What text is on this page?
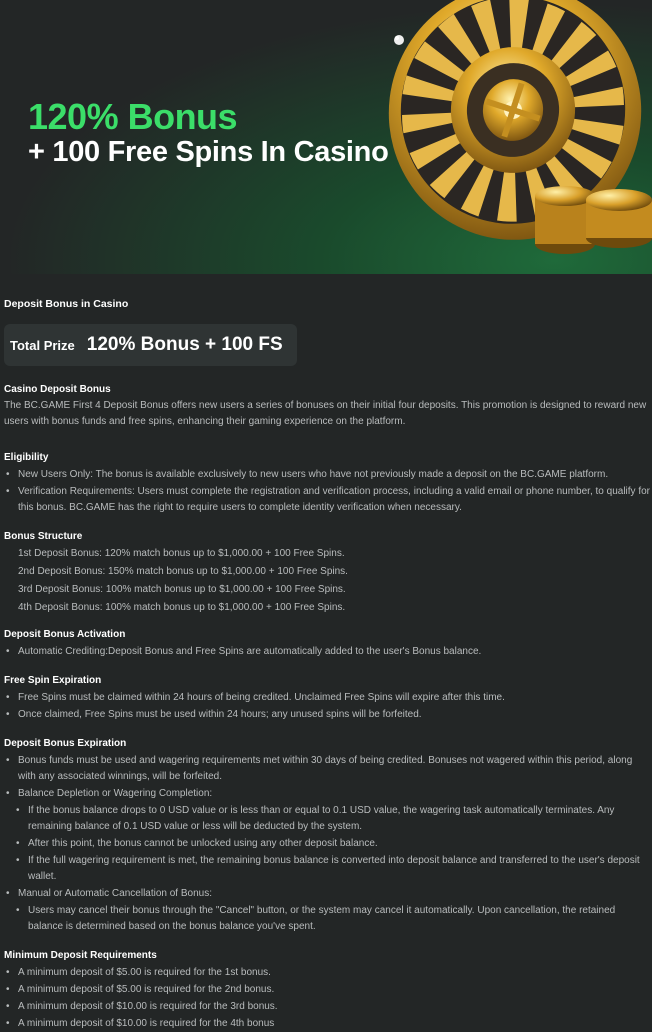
120% Bonus
+ 100 Free Spins In Casino
Deposit Bonus in Casino
Total Prize 120% Bonus + 100 FS
Casino Deposit Bonus

The BC.GAME First 4 Deposit Bonus offers new users a series of bonuses on their initial four deposits. This promotion is designed to reward new users with bonus funds and free spins, enhancing their gaming experience on the platform.

Eligibility
• New Users Only: The bonus is available exclusively to new users who have not previously made a deposit on the BC.GAME platform.
• Verification Requirements: Users must complete the registration and verification process, including a valid email or phone number, to qualify for this bonus. BC.GAME has the right to require users to complete identity verification when necessary.
Bonus Structure
1st Deposit Bonus: 120% match bonus up to $1,000.00 + 100 Free Spins.
2nd Deposit Bonus: 150% match bonus up to $1,000.00 + 100 Free Spins.
3rd Deposit Bonus: 100% match bonus up to $1,000.00 + 100 Free Spins.
4th Deposit Bonus: 100% match bonus up to $1,000.00 + 100 Free Spins.
Deposit Bonus Activation
• Automatic Crediting:Deposit Bonus and Free Spins are automatically added to the user's Bonus balance.
Free Spin Expiration
• Free Spins must be claimed within 24 hours of being credited. Unclaimed Free Spins will expire after this time.
• Once claimed, Free Spins must be used within 24 hours; any unused spins will be forfeited.
Deposit Bonus Expiration
• Bonus funds must be used and wagering requirements met within 30 days of being credited. Bonuses not wagered within this period, along with any associated winnings, will be forfeited.
• Balance Depletion or Wagering Completion:
• If the bonus balance drops to 0 USD value or is less than or equal to 0.1 USD value, the wagering task automatically terminates. Any remaining balance of 0.1 USD value or less will be deducted by the system.
• After this point, the bonus cannot be unlocked using any other deposit balance.
• If the full wagering requirement is met, the remaining bonus balance is converted into deposit balance and transferred to the user's deposit wallet.
• Manual or Automatic Cancellation of Bonus:
• Users may cancel their bonus through the "Cancel" button, or the system may cancel it automatically. Upon cancellation, the retained balance is determined based on the bonus balance you've spent.
Minimum Deposit Requirements
• A minimum deposit of $5.00 is required for the 1st bonus.
• A minimum deposit of $5.00 is required for the 2nd bonus.
• A minimum deposit of $10.00 is required for the 3rd bonus.
• A minimum deposit of $10.00 is required for the 4th bonus
